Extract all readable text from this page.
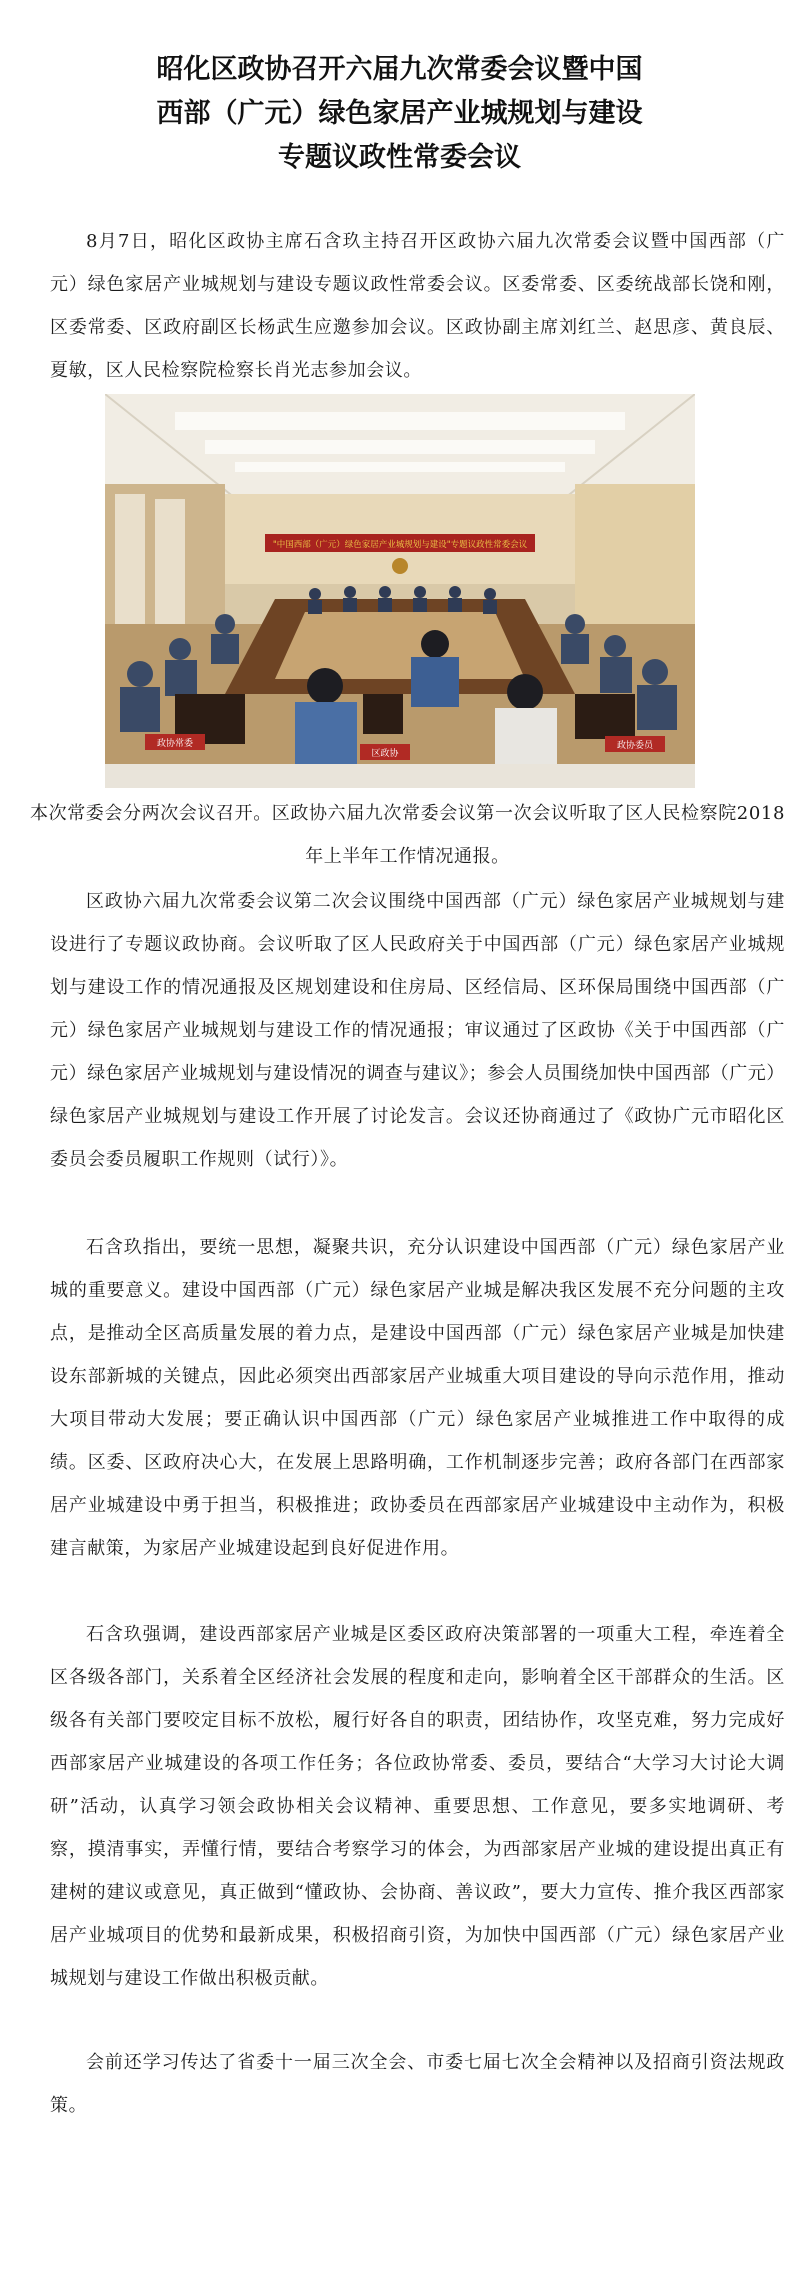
昭化区政协召开六届九次常委会议暨中国
西部（广元）绿色家居产业城规划与建设
专题议政性常委会议
8月7日，昭化区政协主席石含玖主持召开区政协六届九次常委会议暨中国西部（广元）绿色家居产业城规划与建设专题议政性常委会议。区委常委、区委统战部长饶和刚，区委常委、区政府副区长杨武生应邀参加会议。区政协副主席刘红兰、赵思彦、黄良辰、夏敏，区人民检察院检察长肖光志参加会议。
"中国西部（广元）绿色家居产业城规划与建设"专题议政性常委会议
政协常委
区政协
政协委员
本次常委会分两次会议召开。区政协六届九次常委会议第一次会议听取了区人民检察院2018年上半年工作情况通报。
区政协六届九次常委会议第二次会议围绕中国西部（广元）绿色家居产业城规划与建设进行了专题议政协商。会议听取了区人民政府关于中国西部（广元）绿色家居产业城规划与建设工作的情况通报及区规划建设和住房局、区经信局、区环保局围绕中国西部（广元）绿色家居产业城规划与建设工作的情况通报；审议通过了区政协《关于中国西部（广元）绿色家居产业城规划与建设情况的调查与建议》；参会人员围绕加快中国西部（广元）绿色家居产业城规划与建设工作开展了讨论发言。会议还协商通过了《政协广元市昭化区委员会委员履职工作规则（试行）》。
石含玖指出，要统一思想，凝聚共识，充分认识建设中国西部（广元）绿色家居产业城的重要意义。建设中国西部（广元）绿色家居产业城是解决我区发展不充分问题的主攻点，是推动全区高质量发展的着力点，是建设中国西部（广元）绿色家居产业城是加快建设东部新城的关键点，因此必须突出西部家居产业城重大项目建设的导向示范作用，推动大项目带动大发展；要正确认识中国西部（广元）绿色家居产业城推进工作中取得的成绩。区委、区政府决心大，在发展上思路明确，工作机制逐步完善；政府各部门在西部家居产业城建设中勇于担当，积极推进；政协委员在西部家居产业城建设中主动作为，积极建言献策，为家居产业城建设起到良好促进作用。
石含玖强调，建设西部家居产业城是区委区政府决策部署的一项重大工程，牵连着全区各级各部门，关系着全区经济社会发展的程度和走向，影响着全区干部群众的生活。区级各有关部门要咬定目标不放松，履行好各自的职责，团结协作，攻坚克难，努力完成好西部家居产业城建设的各项工作任务；各位政协常委、委员，要结合“大学习大讨论大调研”活动，认真学习领会政协相关会议精神、重要思想、工作意见，要多实地调研、考察，摸清事实，弄懂行情，要结合考察学习的体会，为西部家居产业城的建设提出真正有建树的建议或意见，真正做到“懂政协、会协商、善议政”，要大力宣传、推介我区西部家居产业城项目的优势和最新成果，积极招商引资，为加快中国西部（广元）绿色家居产业城规划与建设工作做出积极贡献。
会前还学习传达了省委十一届三次全会、市委七届七次全会精神以及招商引资法规政策。
